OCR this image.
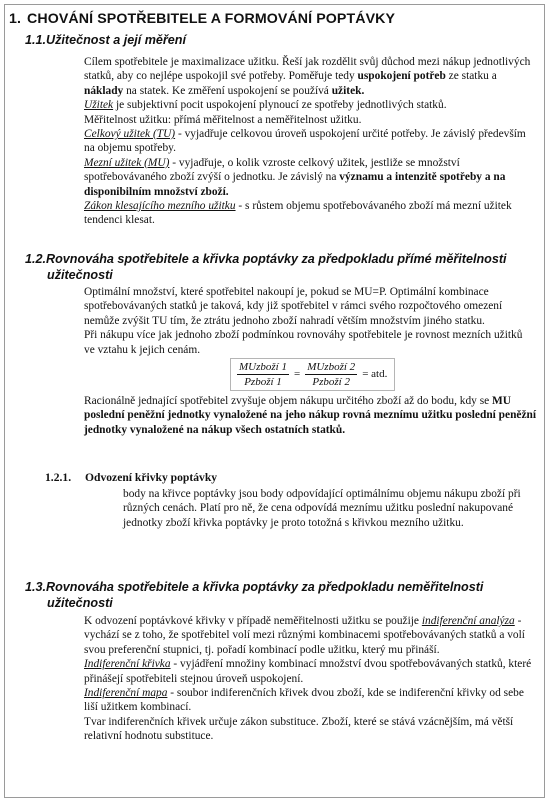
1. CHOVÁNÍ SPOTŘEBITELE A FORMOVÁNÍ POPTÁVKY
1.1.Užitečnost a její měření

Cílem spotřebitele je maximalizace užitku. Řeší jak rozdělit svůj důchod mezi nákup jednotlivých statků, aby co nejlépe uspokojil své potřeby. Poměřuje tedy uspokojení potřeb ze statku a náklady na statek. Ke změření uspokojení se používá užitek.

Užitek je subjektivní pocit uspokojení plynoucí ze spotřeby jednotlivých statků.

Měřitelnost užitku: přímá měřitelnost a neměřitelnost užitku.

Celkový užitek (TU) - vyjadřuje celkovou úroveň uspokojení určité potřeby. Je závislý především na objemu spotřeby.

Mezní užitek (MU) - vyjadřuje, o kolik vzroste celkový užitek, jestliže se množství spotřebovávaného zboží zvýší o jednotku. Je závislý na významu a intenzitě spotřeby a na disponibilním množství zboží.

Zákon klesajícího mezního užitku - s růstem objemu spotřebovávaného zboží má mezní užitek tendenci klesat.

1.2.Rovnováha spotřebitele a křivka poptávky za předpokladu přímé měřitelnosti
užitečnosti

Optimální množství, které spotřebitel nakoupí je, pokud se MU=P. Optimální kombinace spotřebovávaných statků je taková, kdy již spotřebitel v rámci svého rozpočtového omezení nemůže zvýšit TU tím, že ztrátu jednoho zboží nahradí větším množstvím jiného statku.

Při nákupu více jak jednoho zboží podmínkou rovnováhy spotřebitele je rovnost mezních užitků ve vztahu k jejich cenám.

$\frac{\text{MUzboží 1}}{\text{Pzboží 1}} = \frac{\text{MUzboží 2}}{\text{Pzboží 2}}$ = atd.

Racionálně jednající spotřebitel zvyšuje objem nákupu určitého zboží až do bodu, kdy se MU poslední peněžní jednotky vynaložené na jeho nákup rovná meznímu užitku poslední peněžní jednotky vynaložené na nákup všech ostatních statků.

1.2.1. Odvození křivky poptávky

body na křivce poptávky jsou body odpovídající optimálnímu objemu nákupu zboží při různých cenách. Platí pro ně, že cena odpovídá meznímu užitku poslední nakupované jednotky zboží křivka poptávky je proto totožná s křivkou mezního užitku.

1.3.Rovnováha spotřebitele a křivka poptávky za předpokladu neměřitelnosti
užitečnosti

K odvození poptávkové křivky v případě neměřitelnosti užitku se použije indiferenční analýza - vychází se z toho, že spotřebitel volí mezi různými kombinacemi spotřebovávaných statků a volí svou preferenční stupnici, tj. pořadí kombinací podle užitku, který mu přináší.

Indiferenční křivka - vyjádření množiny kombinací množství dvou spotřebovávaných statků, které přinášejí spotřebiteli stejnou úroveň uspokojení.

Indiferenční mapa - soubor indiferenčních křivek dvou zboží, kde se indiferenční křivky od sebe liší užitkem kombinací.

Tvar indiferenčních křivek určuje zákon substituce. Zboží, které se stává vzácnějším, má větší relativní hodnotu substituce.
